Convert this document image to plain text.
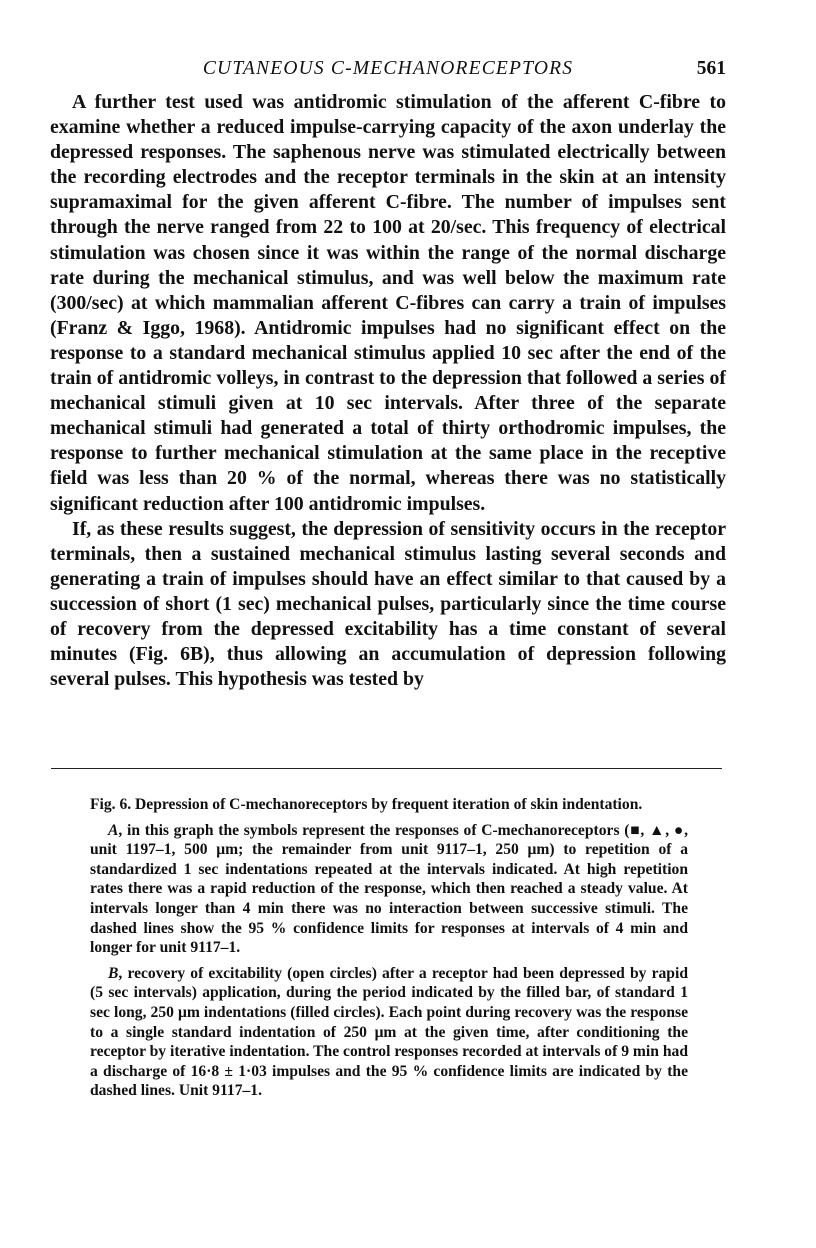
CUTANEOUS C-MECHANORECEPTORS	561

A further test used was antidromic stimulation of the afferent C-fibre to examine whether a reduced impulse-carrying capacity of the axon underlay the depressed responses. The saphenous nerve was stimulated electrically between the recording electrodes and the receptor terminals in the skin at an intensity supramaximal for the given afferent C-fibre. The number of impulses sent through the nerve ranged from 22 to 100 at 20/sec. This frequency of electrical stimulation was chosen since it was within the range of the normal discharge rate during the mechanical stimulus, and was well below the maximum rate (300/sec) at which mammalian afferent C-fibres can carry a train of impulses (Franz & Iggo, 1968). Antidromic impulses had no significant effect on the response to a standard mechanical stimulus applied 10 sec after the end of the train of antidromic volleys, in contrast to the depression that followed a series of mechanical stimuli given at 10 sec intervals. After three of the separate mechanical stimuli had generated a total of thirty orthodromic impulses, the response to further mechanical stimulation at the same place in the receptive field was less than 20 % of the normal, whereas there was no statistically significant reduction after 100 antidromic impulses.

If, as these results suggest, the depression of sensitivity occurs in the receptor terminals, then a sustained mechanical stimulus lasting several seconds and generating a train of impulses should have an effect similar to that caused by a succession of short (1 sec) mechanical pulses, particularly since the time course of recovery from the depressed excitability has a time constant of several minutes (Fig. 6B), thus allowing an accumulation of depression following several pulses. This hypothesis was tested by

Fig. 6. Depression of C-mechanoreceptors by frequent iteration of skin indentation.

A, in this graph the symbols represent the responses of C-mechanoreceptors (■, ▲, ●, unit 1197–1, 500 μm; the remainder from unit 9117–1, 250 μm) to repetition of a standardized 1 sec indentations repeated at the intervals indicated. At high repetition rates there was a rapid reduction of the response, which then reached a steady value. At intervals longer than 4 min there was no interaction between successive stimuli. The dashed lines show the 95 % confidence limits for responses at intervals of 4 min and longer for unit 9117–1.

B, recovery of excitability (open circles) after a receptor had been depressed by rapid (5 sec intervals) application, during the period indicated by the filled bar, of standard 1 sec long, 250 μm indentations (filled circles). Each point during recovery was the response to a single standard indentation of 250 μm at the given time, after conditioning the receptor by iterative indentation. The control responses recorded at intervals of 9 min had a discharge of 16·8 ± 1·03 impulses and the 95 % confidence limits are indicated by the dashed lines. Unit 9117–1.
